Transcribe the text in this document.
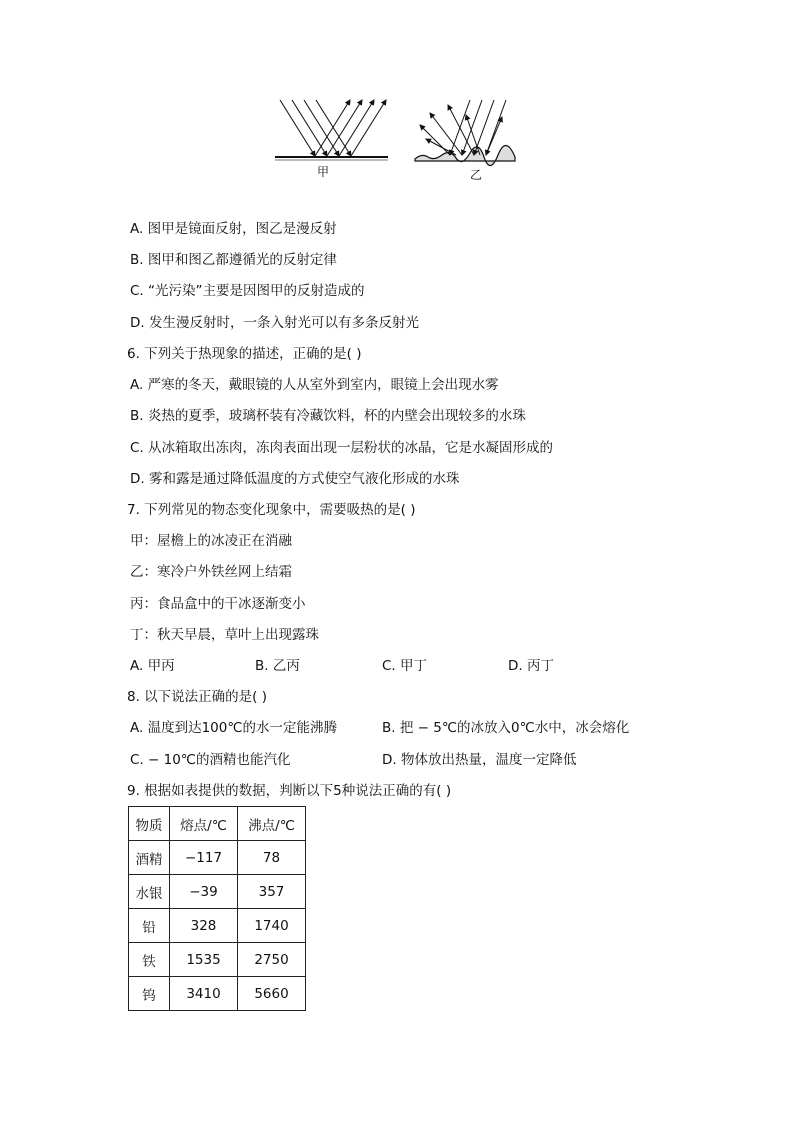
甲	乙
A. 图甲是镜面反射，图乙是漫反射
B. 图甲和图乙都遵循光的反射定律
C. “光污染”主要是因图甲的反射造成的
D. 发生漫反射时，一条入射光可以有多条反射光
6. 下列关于热现象的描述，正确的是( )
A. 严寒的冬天，戴眼镜的人从室外到室内，眼镜上会出现水雾
B. 炎热的夏季，玻璃杯装有冷藏饮料，杯的内壁会出现较多的水珠
C. 从冰箱取出冻肉，冻肉表面出现一层粉状的冰晶，它是水凝固形成的
D. 雾和露是通过降低温度的方式使空气液化形成的水珠
7. 下列常见的物态变化现象中，需要吸热的是( )
甲：屋檐上的冰凌正在消融
乙：寒冷户外铁丝网上结霜
丙：食品盒中的干冰逐渐变小
丁：秋天早晨，草叶上出现露珠
A. 甲丙	B. 乙丙	C. 甲丁	D. 丙丁
8. 以下说法正确的是( )
A. 温度到达100℃的水一定能沸腾	B. 把 − 5℃的冰放入0℃水中，冰会熔化
C. − 10℃的酒精也能汽化	D. 物体放出热量，温度一定降低
9. 根据如表提供的数据，判断以下5种说法正确的有( )
物质	熔点/℃	沸点/℃
酒精	−117	78
水银	−39	357
铅	328	1740
铁	1535	2750
钨	3410	5660
